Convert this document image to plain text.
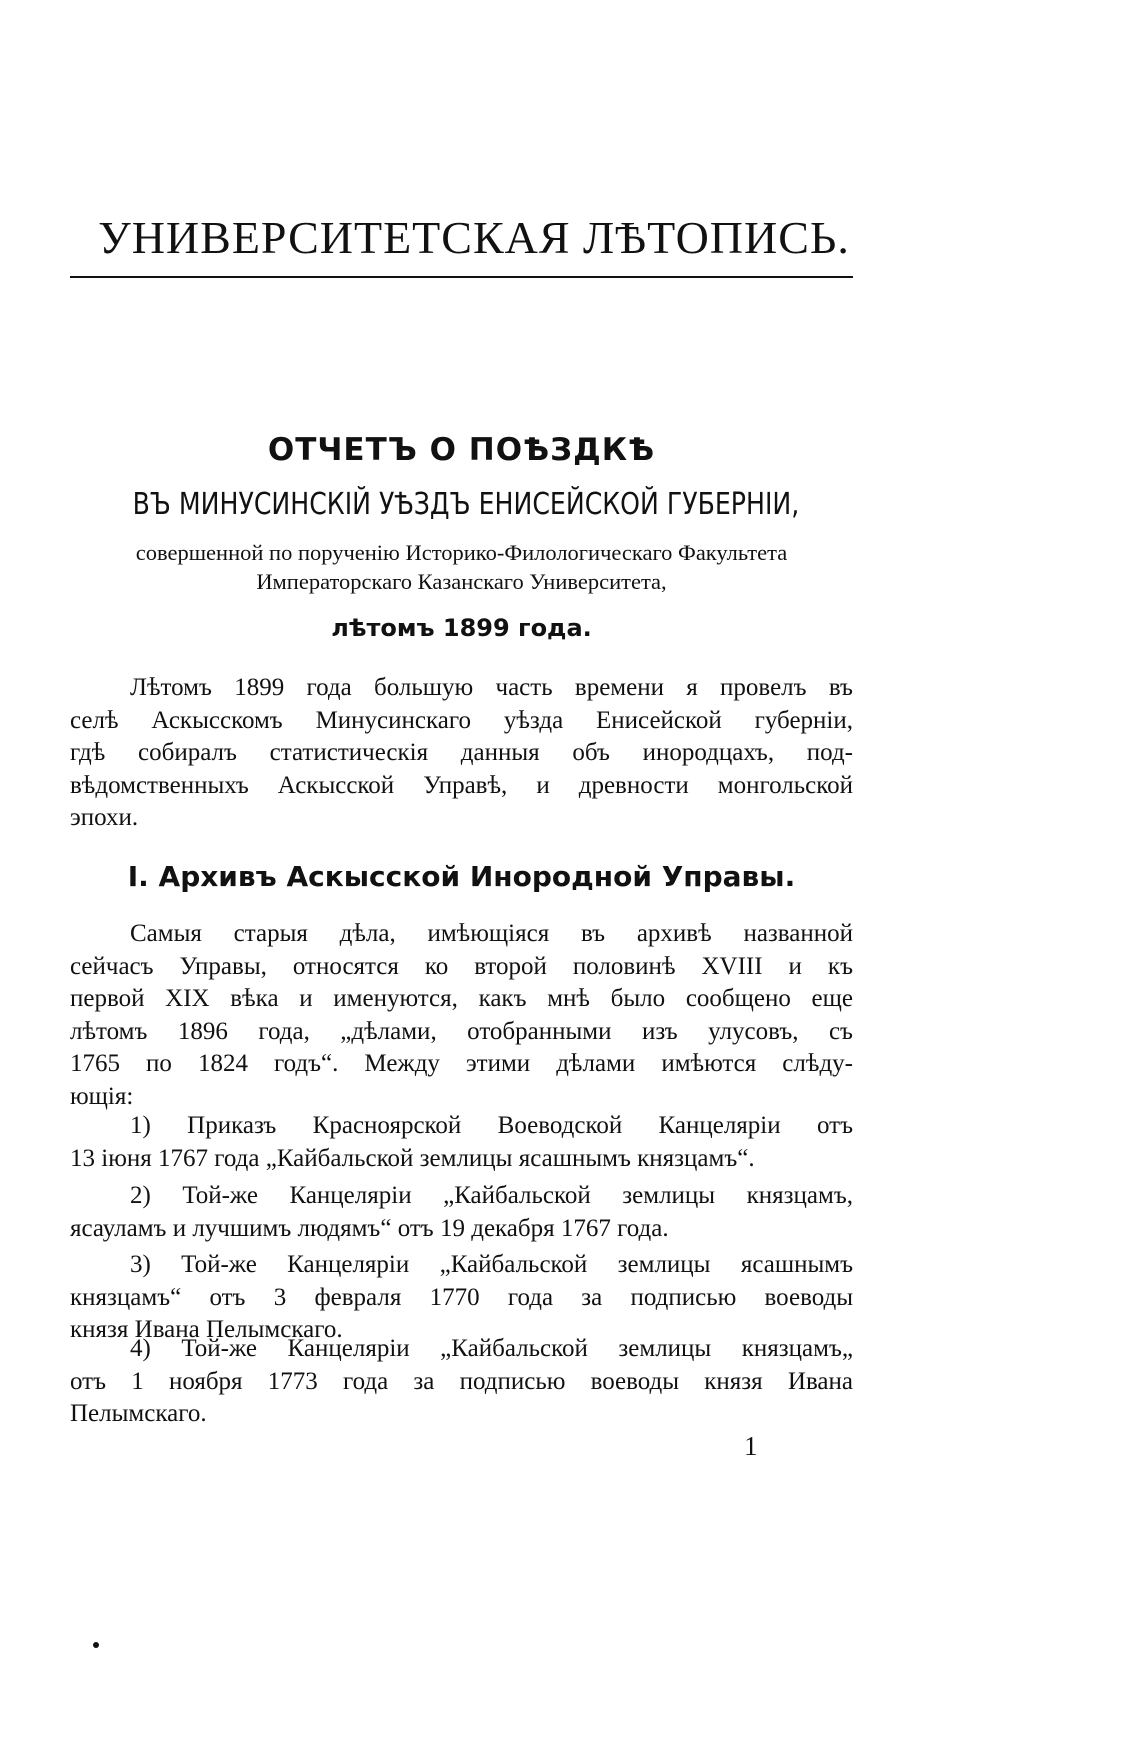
УНИВЕРСИТЕТСКАЯ ЛѢТОПИСЬ.
ОТЧЕТЪ О ПОѢЗДКѢ
ВЪ МИНУСИНСКІЙ УѢЗДЪ ЕНИСЕЙСКОЙ ГУБЕРНІИ,
совершенной по порученію Историко-Филологическаго Факультета
Императорскаго Казанскаго Университета,
лѣтомъ 1899 года.
Лѣтомъ 1899 года большую часть времени я провелъ въ
селѣ Аскысскомъ Минусинскаго уѣзда Енисейской губерніи,
гдѣ собиралъ статистическія данныя объ инородцахъ, под-
вѣдомственныхъ Аскысской Управѣ, и древности монгольской
эпохи.
I. Архивъ Аскысской Инородной Управы.
Самыя старыя дѣла, имѣющіяся въ архивѣ названной
сейчасъ Управы, относятся ко второй половинѣ XVIII и къ
первой XIX вѣка и именуются, какъ мнѣ было сообщено еще
лѣтомъ 1896 года, „дѣлами, отобранными изъ улусовъ, съ
1765 по 1824 годъ“. Между этими дѣлами имѣются слѣду-
ющія:
1) Приказъ Красноярской Воеводской Канцеляріи отъ
13 іюня 1767 года „Кайбальской землицы ясашнымъ князцамъ“.
2) Той-же Канцеляріи „Кайбальской землицы князцамъ,
ясауламъ и лучшимъ людямъ“ отъ 19 декабря 1767 года.
3) Той-же Канцеляріи „Кайбальской землицы ясашнымъ
князцамъ“ отъ 3 февраля 1770 года за подписью воеводы
князя Ивана Пелымскаго.
4) Той-же Канцеляріи „Кайбальской землицы князцамъ„
отъ 1 ноября 1773 года за подписью воеводы князя Ивана
Пелымскаго.
1
